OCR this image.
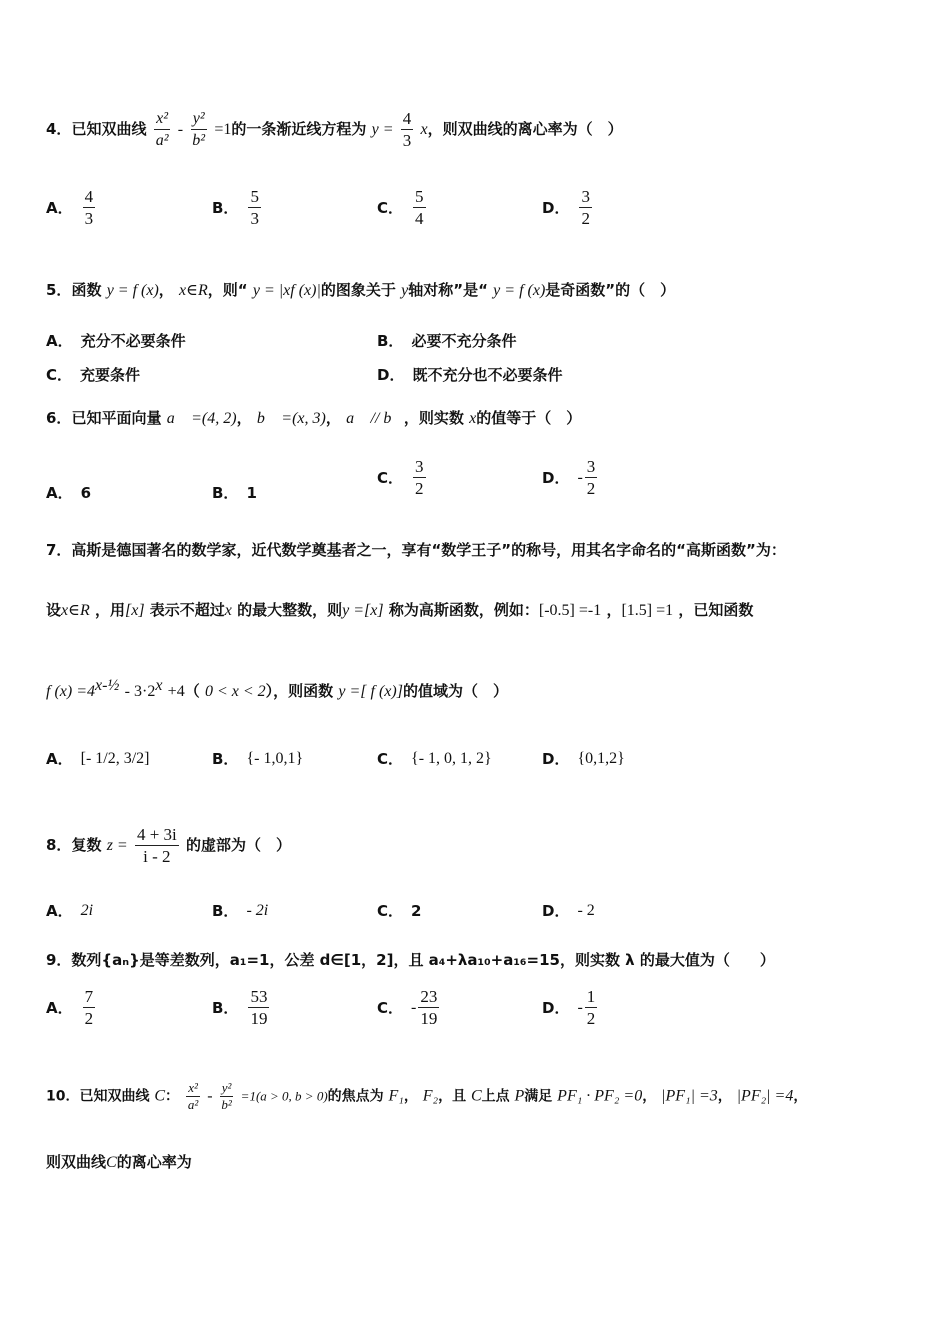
4．已知双曲线 $\frac{\text{x²}}{\text{a²}} - \frac{\text{y²}}{\text{b²}} =1$的一条渐近线方程为 $y = \frac{4}{3}$ x，则双曲线的离心率为（　）
A． $\frac{4}{3}$	B． $\frac{5}{3}$	C． $\frac{5}{4}$	D． $\frac{3}{2}$
5．函数 y = f (x)， x∈R，则“ y = |xf (x)|的图象关于 y轴对称”是“ y = f (x)是奇函数”的（　）
A． 充分不必要条件	B． 必要不充分条件
C． 充要条件	D． 既不充分也不必要条件
6．已知平面向量 a⃗ =(4, 2)， b⃗ =(x, 3)， a⃗ // b⃗，则实数 x的值等于（　）
A． 6	B． 1
C． $\frac{3}{2}$	D． - $\frac{3}{2}$
7．高斯是德国著名的数学家，近代数学奠基者之一，享有“数学王子”的称号，用其名字命名的“高斯函数”为：
设x∈R ，用[x] 表示不超过x 的最大整数，则y =[x] 称为高斯函数，例如：[-0.5] =-1 ，[1.5] =1 ，已知函数
f $(x) =4^{x-\frac{1}{2}} - 3\cdot 2^x +4$（ 0 < x < 2），则函数 y =[ f (x)]的值域为（　）
A． [- 1/2, 3/2]	B． {- 1,0,1}	C． {- 1, 0, 1, 2}	D． {0,1,2}
8．复数 $z = \frac{4 + 3i}{i - 2}$ 的虚部为（　）
A． 2i	B． - 2i	C． 2	D． - 2
9．数列{aₙ}是等差数列，a₁=1，公差 d∈[1，2]，且 a₄+λa₁₀+a₁₆=15，则实数 λ 的最大值为（　　）
A． $\frac{7}{2}$	B． $\frac{53}{19}$	C． - $\frac{23}{19}$	D． - $\frac{1}{2}$
10．已知双曲线 C： $\frac{\text{x²}}{\text{a²}} - \frac{\text{y²}}{\text{b²}} =1(a > 0$, b > 0)的焦点为 F₁， F₂，且 C上点 P满足 PF₁ · PF₂ =0， |PF₁| =3， |PF₂| =4，
则双曲线C的离心率为
